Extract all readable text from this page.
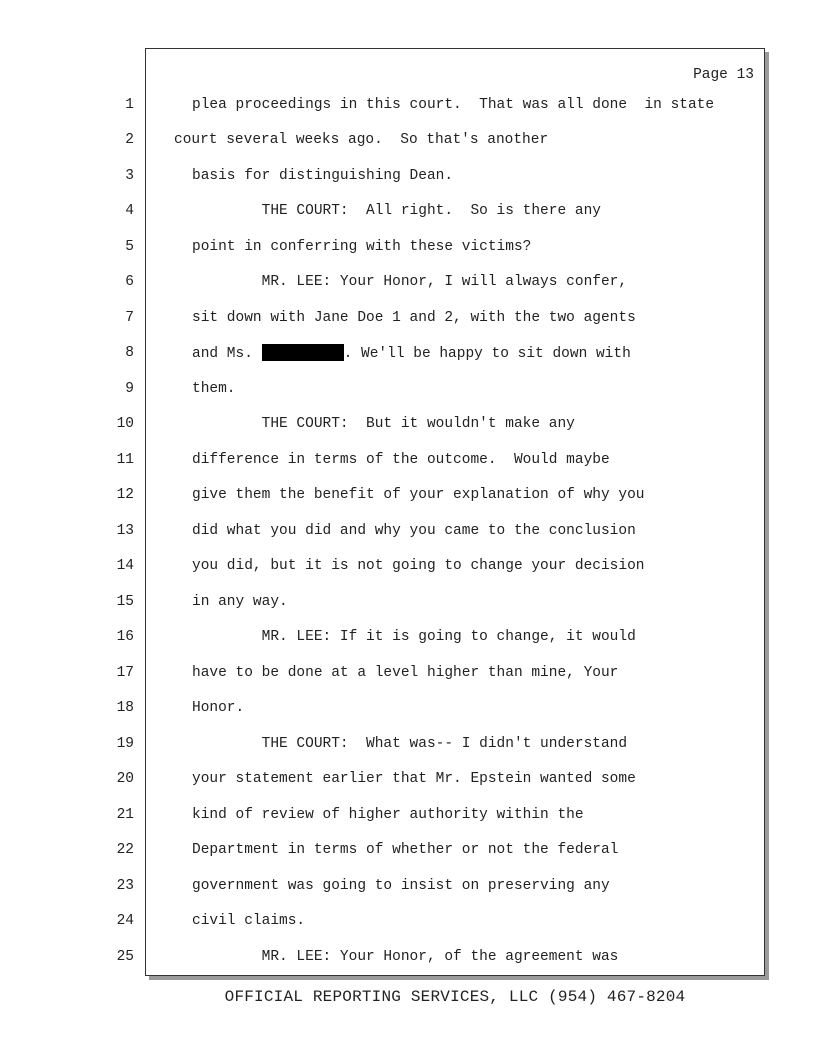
Page 13
1	plea proceedings in this court.  That was all done  in state
2	court several weeks ago.  So that's another
3	basis for distinguishing Dean.
4	THE COURT:  All right.  So is there any
5	point in conferring with these victims?
6	MR. LEE: Your Honor, I will always confer,
7	sit down with Jane Doe 1 and 2, with the two agents
8	and Ms.	. We'll be happy to sit down with
9	them.
10	THE COURT:  But it wouldn't make any
11	difference in terms of the outcome.  Would maybe
12	give them the benefit of your explanation of why you
13	did what you did and why you came to the conclusion
14	you did, but it is not going to change your decision
15	in any way.
16	MR. LEE: If it is going to change, it would
17	have to be done at a level higher than mine, Your
18	Honor.
19	THE COURT:  What was-- I didn't understand
20	your statement earlier that Mr. Epstein wanted some
21	kind of review of higher authority within the
22	Department in terms of whether or not the federal
23	government was going to insist on preserving any
24	civil claims.
25	MR. LEE: Your Honor, of the agreement was
OFFICIAL REPORTING SERVICES, LLC (954) 467-8204
